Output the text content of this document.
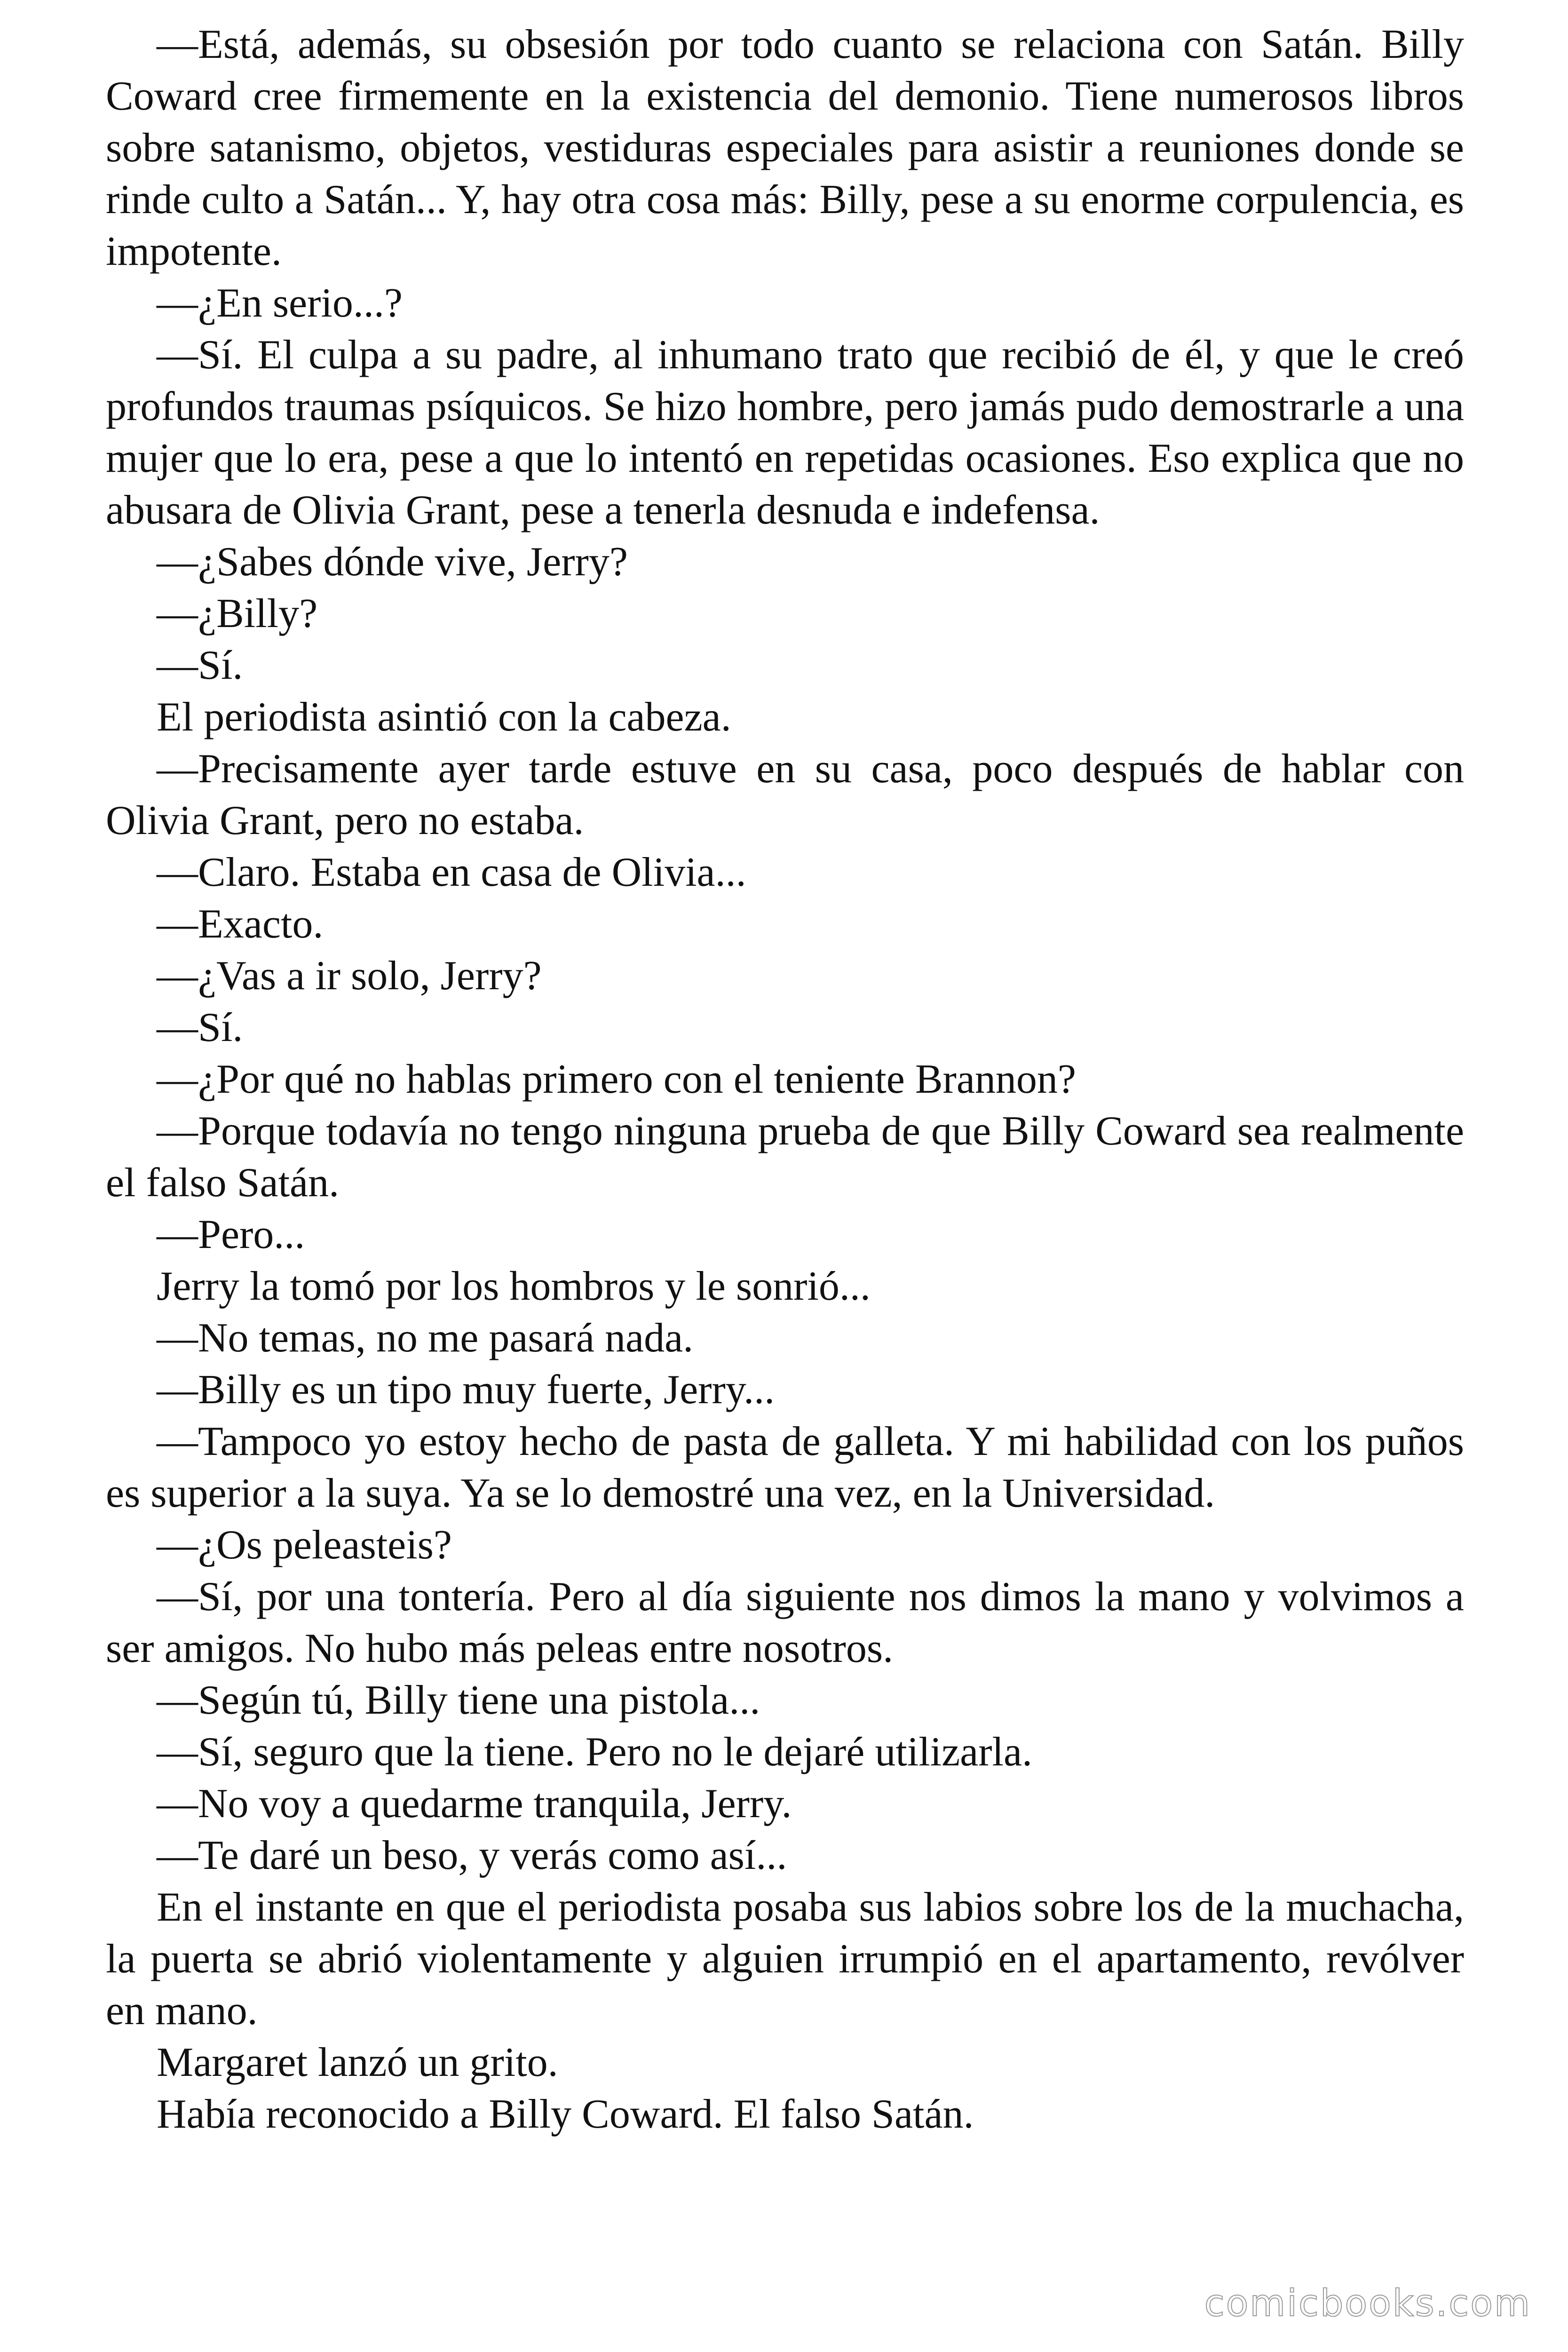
—Está, además, su obsesión por todo cuanto se relaciona con Satán. Billy Coward cree firmemente en la existencia del demonio. Tiene numerosos libros sobre satanismo, objetos, vestiduras especiales para asistir a reuniones donde se rinde culto a Satán... Y, hay otra cosa más: Billy, pese a su enorme corpulencia, es impotente.

—¿En serio...?

—Sí. El culpa a su padre, al inhumano trato que recibió de él, y que le creó profundos traumas psíquicos. Se hizo hombre, pero jamás pudo demostrarle a una mujer que lo era, pese a que lo intentó en repetidas ocasiones. Eso explica que no abusara de Olivia Grant, pese a tenerla desnuda e indefensa.

—¿Sabes dónde vive, Jerry?

—¿Billy?

—Sí.

El periodista asintió con la cabeza.

—Precisamente ayer tarde estuve en su casa, poco después de hablar con Olivia Grant, pero no estaba.

—Claro. Estaba en casa de Olivia...

—Exacto.

—¿Vas a ir solo, Jerry?

—Sí.

—¿Por qué no hablas primero con el teniente Brannon?

—Porque todavía no tengo ninguna prueba de que Billy Coward sea realmente el falso Satán.

—Pero...

Jerry la tomó por los hombros y le sonrió...

—No temas, no me pasará nada.

—Billy es un tipo muy fuerte, Jerry...

—Tampoco yo estoy hecho de pasta de galleta. Y mi habilidad con los puños es superior a la suya. Ya se lo demostré una vez, en la Universidad.

—¿Os peleasteis?

—Sí, por una tontería. Pero al día siguiente nos dimos la mano y volvimos a ser amigos. No hubo más peleas entre nosotros.

—Según tú, Billy tiene una pistola...

—Sí, seguro que la tiene. Pero no le dejaré utilizarla.

—No voy a quedarme tranquila, Jerry.

—Te daré un beso, y verás como así...

En el instante en que el periodista posaba sus labios sobre los de la muchacha, la puerta se abrió violentamente y alguien irrumpió en el apartamento, revólver en mano.

Margaret lanzó un grito.

Había reconocido a Billy Coward. El falso Satán.

comicbooks.com
